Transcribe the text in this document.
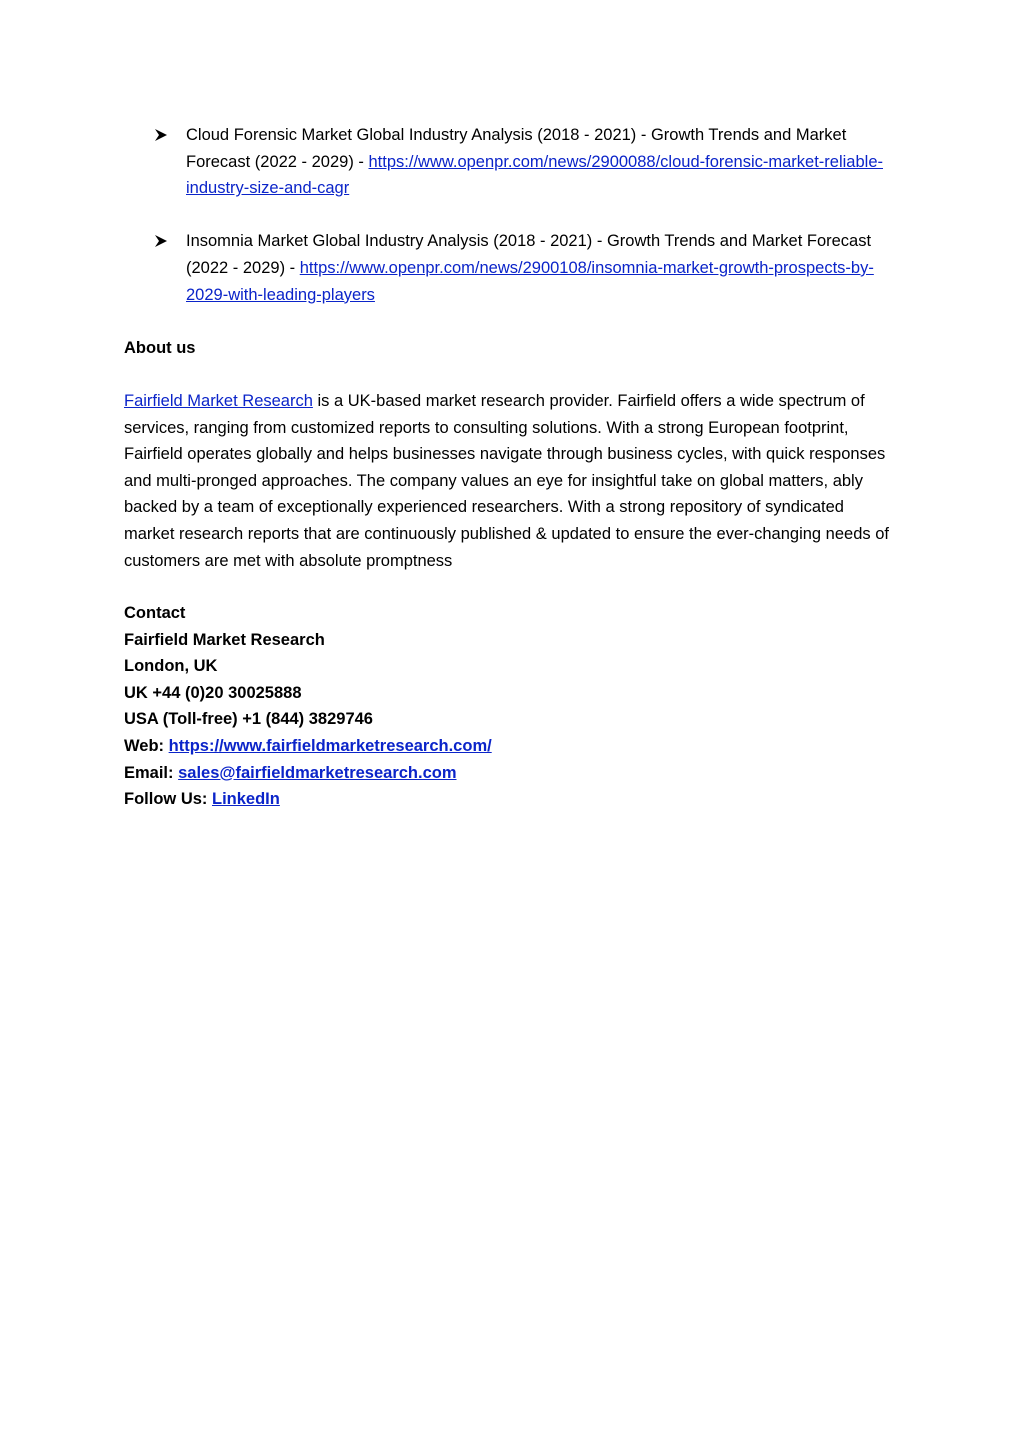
Cloud Forensic Market Global Industry Analysis (2018 - 2021) - Growth Trends and Market Forecast (2022 - 2029) - https://www.openpr.com/news/2900088/cloud-forensic-market-reliable-industry-size-and-cagr
Insomnia Market Global Industry Analysis (2018 - 2021) - Growth Trends and Market Forecast (2022 - 2029) - https://www.openpr.com/news/2900108/insomnia-market-growth-prospects-by-2029-with-leading-players
About us

Fairfield Market Research is a UK-based market research provider. Fairfield offers a wide spectrum of services, ranging from customized reports to consulting solutions. With a strong European footprint, Fairfield operates globally and helps businesses navigate through business cycles, with quick responses and multi-pronged approaches. The company values an eye for insightful take on global matters, ably backed by a team of exceptionally experienced researchers. With a strong repository of syndicated market research reports that are continuously published & updated to ensure the ever-changing needs of customers are met with absolute promptness

Contact
Fairfield Market Research
London, UK
UK +44 (0)20 30025888
USA (Toll-free) +1 (844) 3829746
Web: https://www.fairfieldmarketresearch.com/
Email: sales@fairfieldmarketresearch.com
Follow Us: LinkedIn
